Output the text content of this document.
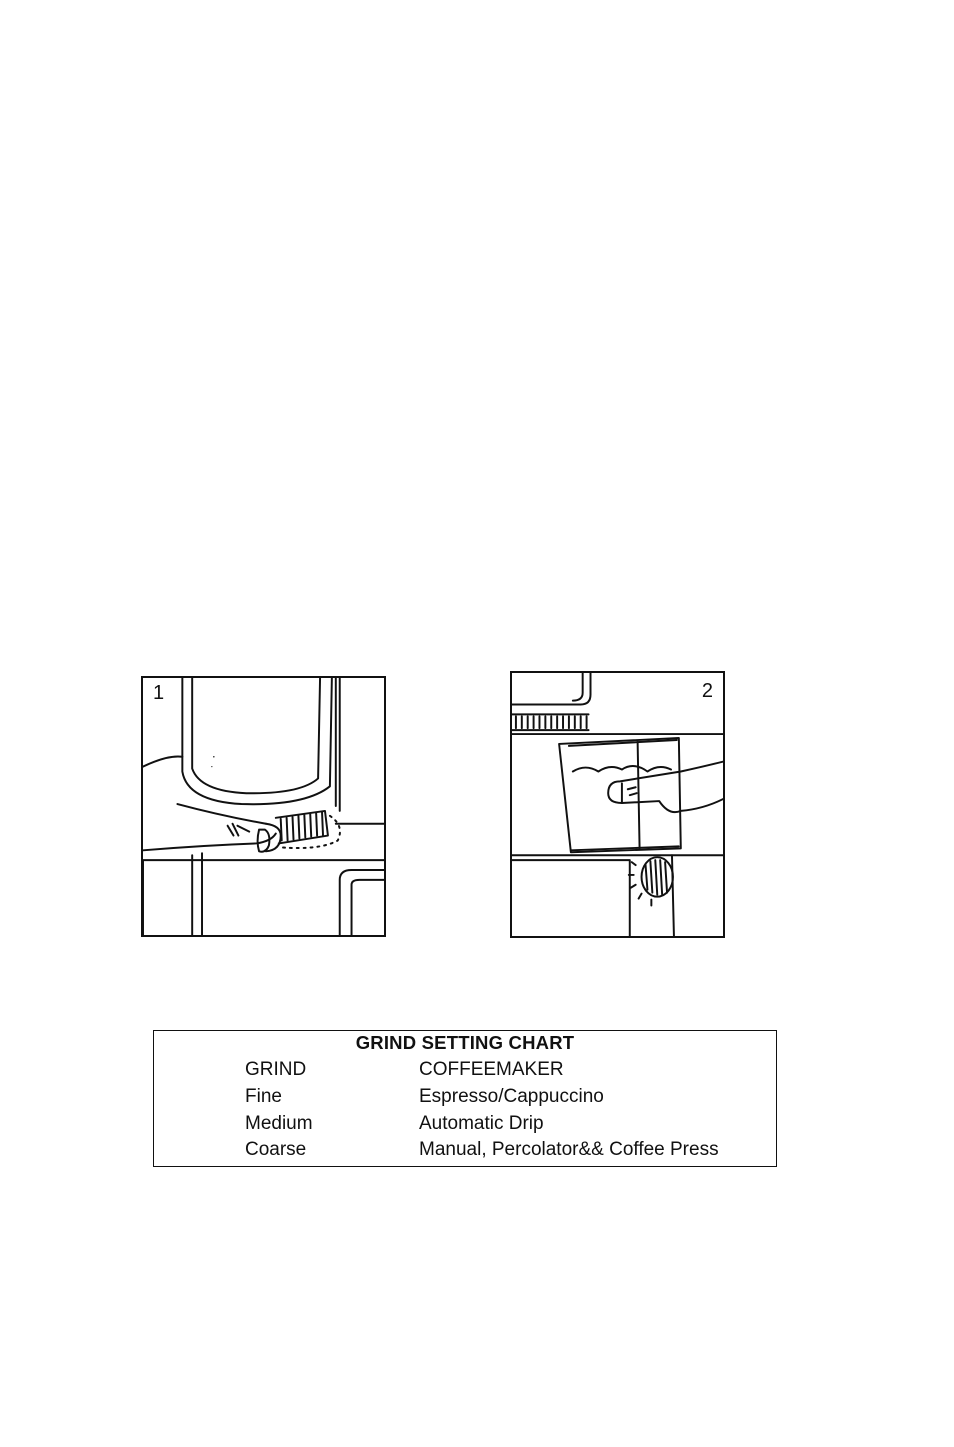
1	2
GRIND SETTING CHART
GRIND	COFFEEMAKER
Fine	Espresso/Cappuccino
Medium	Automatic Drip
Coarse	Manual, Percolator&& Coffee Press
